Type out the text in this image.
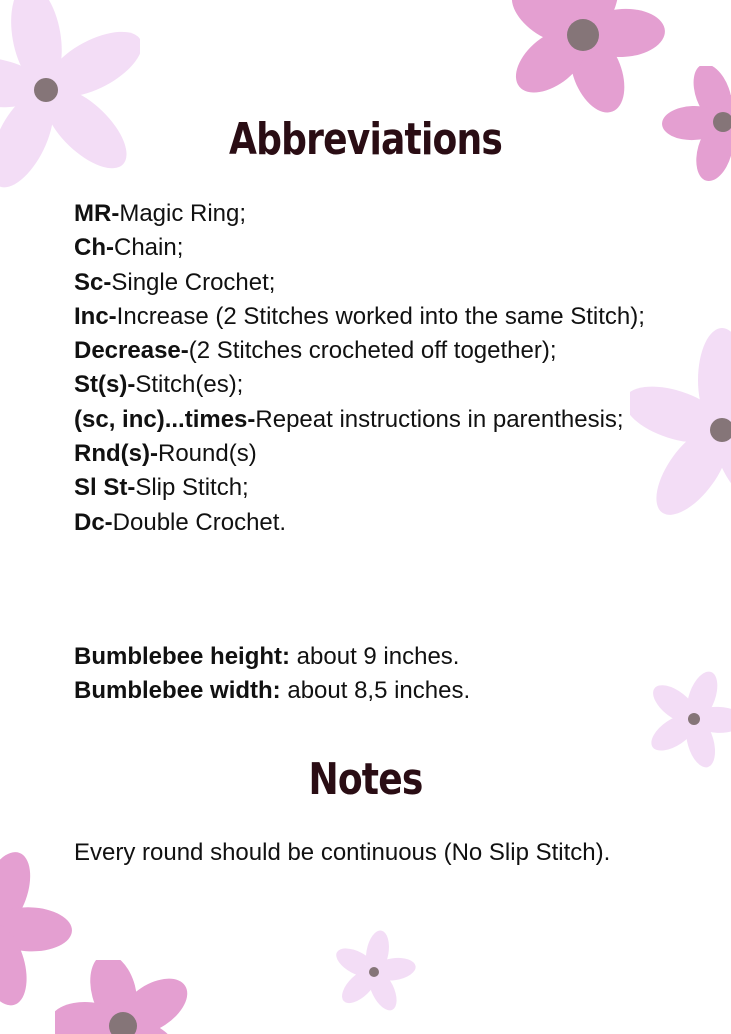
Abbreviations

MR-Magic Ring;

Ch-Chain;

Sc-Single Crochet;

Inc-Increase (2 Stitches worked into the same Stitch);

Decrease-(2 Stitches crocheted off together);

St(s)-Stitch(es);

(sc, inc)...times-Repeat instructions in parenthesis;

Rnd(s)-Round(s)

Sl St-Slip Stitch;

Dc-Double Crochet.

Bumblebee height: about 9 inches.

Bumblebee width: about 8,5 inches.

Notes
Every round should be continuous (No Slip Stitch).
